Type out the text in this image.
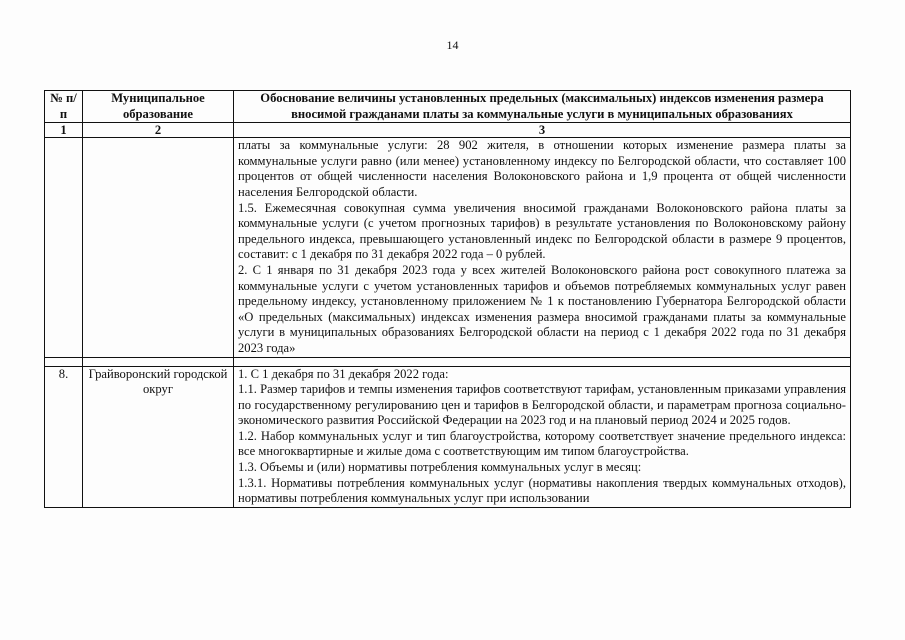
14
№ п/п	Муниципальное образование	Обоснование величины установленных предельных (максимальных) индексов изменения размера вносимой гражданами платы за коммунальные услуги в муниципальных образованиях
1	2	3

		платы за коммунальные услуги: 28 902 жителя, в отношении которых изменение размера платы за коммунальные услуги равно (или менее) установленному индексу по Белгородской области, что составляет 100 процентов от общей численности населения Волоконовского района и 1,9 процента от общей численности населения Белгородской области.

1.5. Ежемесячная совокупная сумма увеличения вносимой гражданами Волоконовского района платы за коммунальные услуги (с учетом прогнозных тарифов) в результате установления по Волоконовскому району предельного индекса, превышающего установленный индекс по Белгородской области в размере 9 процентов, составит: с 1 декабря по 31 декабря 2022 года – 0 рублей.

2. С 1 января по 31 декабря 2023 года у всех жителей Волоконовского района рост совокупного платежа за коммунальные услуги с учетом установленных тарифов и объемов потребляемых коммунальных услуг равен предельному индексу, установленному приложением № 1 к постановлению Губернатора Белгородской области «О предельных (максимальных) индексах изменения размера вносимой гражданами платы за коммунальные услуги в муниципальных образованиях Белгородской области на период с 1 декабря 2022 года по 31 декабря 2023 года»

8.	Грайворонский городской округ	1. С 1 декабря по 31 декабря 2022 года:

1.1. Размер тарифов и темпы изменения тарифов соответствуют тарифам, установленным приказами управления по государственному регулированию цен и тарифов в Белгородской области, и параметрам прогноза социально-экономического развития Российской Федерации на 2023 год и на плановый период 2024 и 2025 годов.

1.2. Набор коммунальных услуг и тип благоустройства, которому соответствует значение предельного индекса: все многоквартирные и жилые дома с соответствующим им типом благоустройства.

1.3. Объемы и (или) нормативы потребления коммунальных услуг в месяц:

1.3.1. Нормативы потребления коммунальных услуг (нормативы накопления твердых коммунальных отходов), нормативы потребления коммунальных услуг при использовании
